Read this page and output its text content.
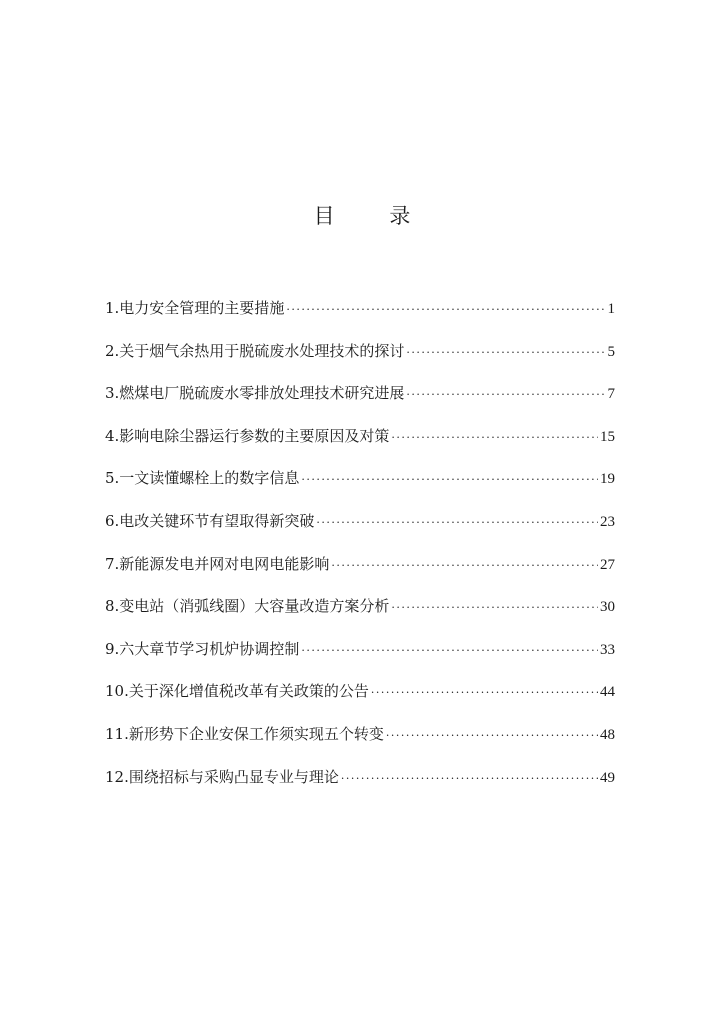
目 录
1.电力安全管理的主要措施 ·····	1
2.关于烟气余热用于脱硫废水处理技术的探讨 ·····	5
3.燃煤电厂脱硫废水零排放处理技术研究进展 ·····	7
4.影响电除尘器运行参数的主要原因及对策 ·····	15
5.一文读懂螺栓上的数字信息 ·····	19
6.电改关键环节有望取得新突破 ·····	23
7.新能源发电并网对电网电能影响 ·····	27
8.变电站（消弧线圈）大容量改造方案分析 ·····	30
9.六大章节学习机炉协调控制 ·····	33
10.关于深化增值税改革有关政策的公告 ·····	44
11.新形势下企业安保工作须实现五个转变 ·····	48
12.围绕招标与采购凸显专业与理论 ·····	49
